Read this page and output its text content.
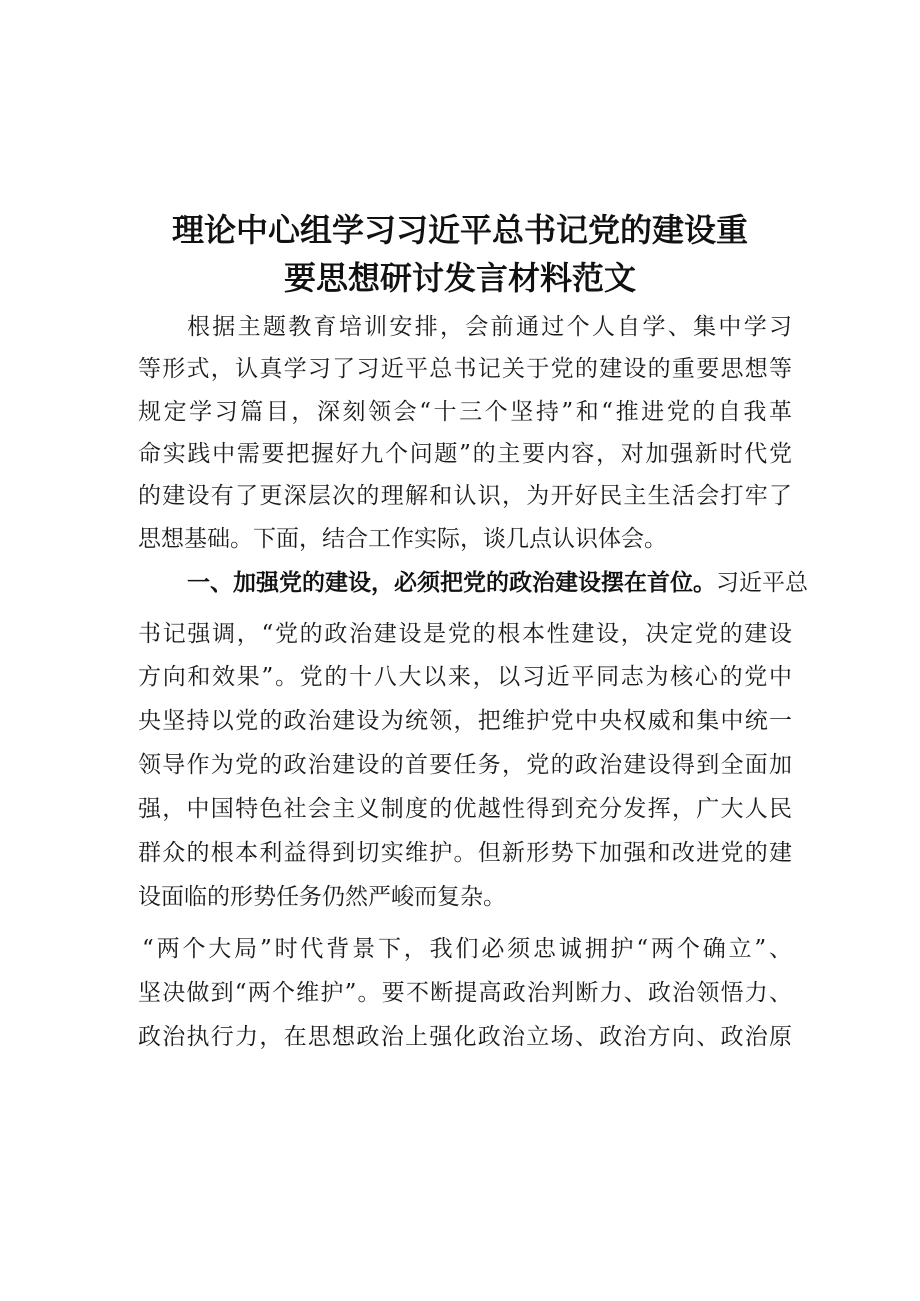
理论中心组学习习近平总书记党的建设重
要思想研讨发言材料范文
根据主题教育培训安排，会前通过个人自学、集中学习
等形式，认真学习了习近平总书记关于党的建设的重要思想等
规定学习篇目，深刻领会“十三个坚持”和“推进党的自我革
命实践中需要把握好九个问题”的主要内容，对加强新时代党
的建设有了更深层次的理解和认识，为开好民主生活会打牢了
思想基础。下面，结合工作实际，谈几点认识体会。
一、加强党的建设，必须把党的政治建设摆在首位。习近平总
书记强调，“党的政治建设是党的根本性建设，决定党的建设
方向和效果”。党的十八大以来，以习近平同志为核心的党中
央坚持以党的政治建设为统领，把维护党中央权威和集中统一
领导作为党的政治建设的首要任务，党的政治建设得到全面加
强，中国特色社会主义制度的优越性得到充分发挥，广大人民
群众的根本利益得到切实维护。但新形势下加强和改进党的建
设面临的形势任务仍然严峻而复杂。
“两个大局”时代背景下，我们必须忠诚拥护“两个确立”、
坚决做到“两个维护”。要不断提高政治判断力、政治领悟力、
政治执行力，在思想政治上强化政治立场、政治方向、政治原
